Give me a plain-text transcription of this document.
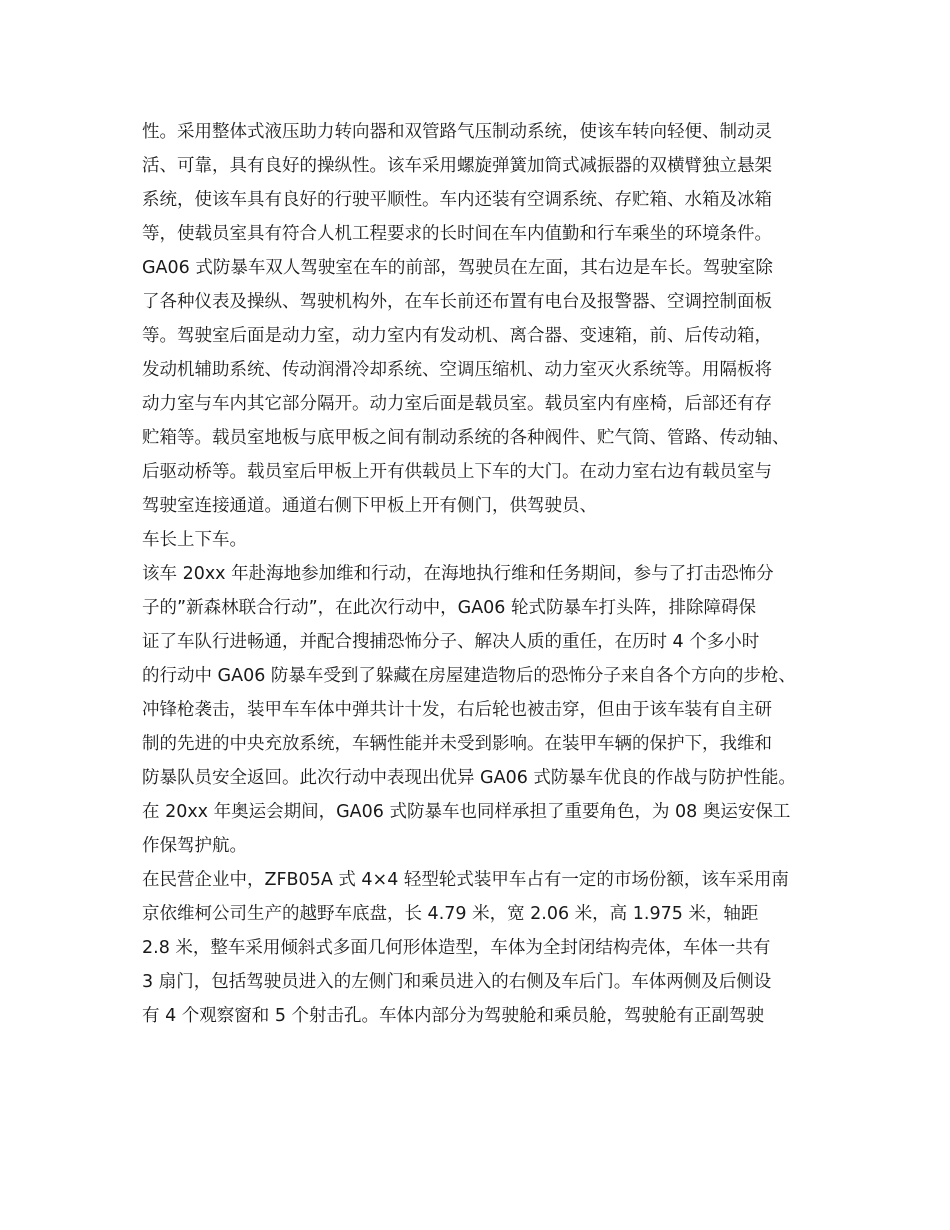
性。采用整体式液压助力转向器和双管路气压制动系统，使该车转向轻便、制动灵
活、可靠，具有良好的操纵性。该车采用螺旋弹簧加筒式减振器的双横臂独立悬架
系统，使该车具有良好的行驶平顺性。车内还装有空调系统、存贮箱、水箱及冰箱
等，使载员室具有符合人机工程要求的长时间在车内值勤和行车乘坐的环境条件。
GA06 式防暴车双人驾驶室在车的前部，驾驶员在左面，其右边是车长。驾驶室除
了各种仪表及操纵、驾驶机构外，在车长前还布置有电台及报警器、空调控制面板
等。驾驶室后面是动力室，动力室内有发动机、离合器、变速箱，前、后传动箱，
发动机辅助系统、传动润滑冷却系统、空调压缩机、动力室灭火系统等。用隔板将
动力室与车内其它部分隔开。动力室后面是载员室。载员室内有座椅，后部还有存
贮箱等。载员室地板与底甲板之间有制动系统的各种阀件、贮气筒、管路、传动轴、
后驱动桥等。载员室后甲板上开有供载员上下车的大门。在动力室右边有载员室与
驾驶室连接通道。通道右侧下甲板上开有侧门，供驾驶员、
车长上下车。
该车 20xx 年赴海地参加维和行动，在海地执行维和任务期间，参与了打击恐怖分
子的”新森林联合行动”，在此次行动中，GA06 轮式防暴车打头阵，排除障碍保
证了车队行进畅通，并配合搜捕恐怖分子、解决人质的重任，在历时 4 个多小时
的行动中 GA06 防暴车受到了躲藏在房屋建造物后的恐怖分子来自各个方向的步枪、
冲锋枪袭击，装甲车车体中弹共计十发，右后轮也被击穿，但由于该车装有自主研
制的先进的中央充放系统，车辆性能并未受到影响。在装甲车辆的保护下，我维和
防暴队员安全返回。此次行动中表现出优异 GA06 式防暴车优良的作战与防护性能。
在 20xx 年奥运会期间，GA06 式防暴车也同样承担了重要角色，为 08 奥运安保工
作保驾护航。
在民营企业中，ZFB05A 式 4×4 轻型轮式装甲车占有一定的市场份额，该车采用南
京依维柯公司生产的越野车底盘，长 4.79 米，宽 2.06 米，高 1.975 米，轴距
2.8 米，整车采用倾斜式多面几何形体造型，车体为全封闭结构壳体，车体一共有
3 扇门，包括驾驶员进入的左侧门和乘员进入的右侧及车后门。车体两侧及后侧设
有 4 个观察窗和 5 个射击孔。车体内部分为驾驶舱和乘员舱，驾驶舱有正副驾驶
